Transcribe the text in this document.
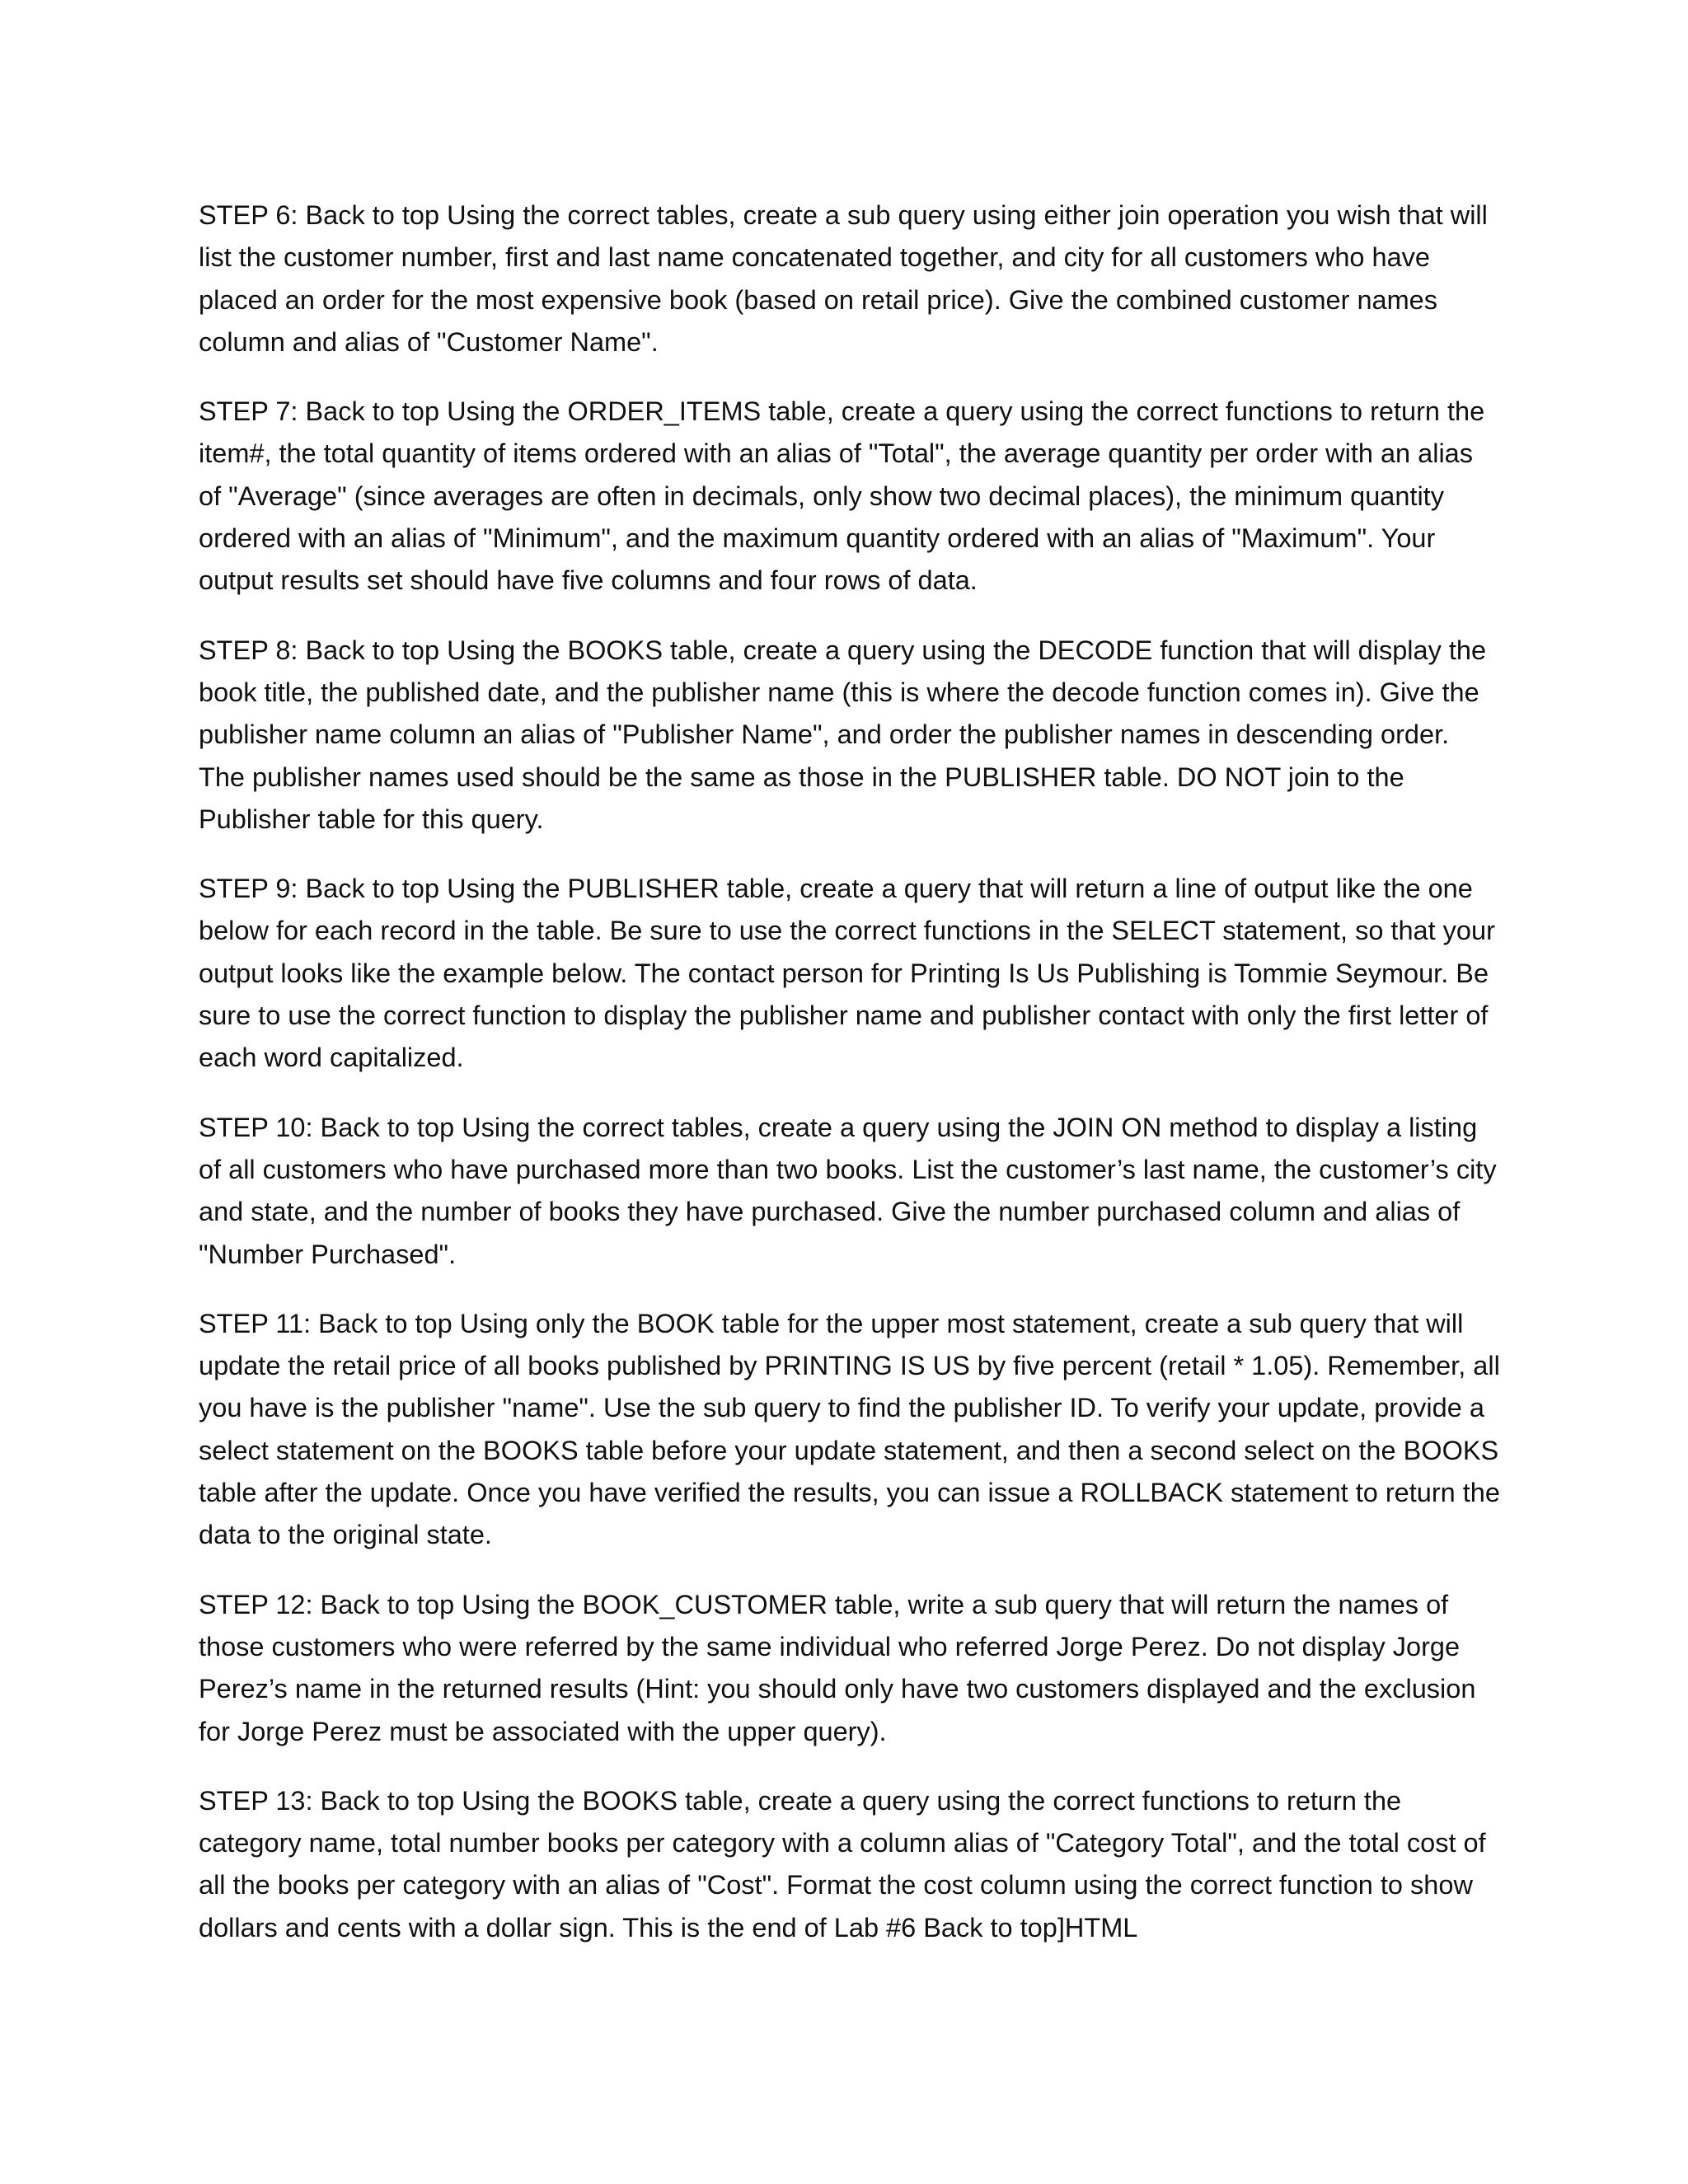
STEP 6: Back to top Using the correct tables, create a sub query using either join operation you wish that will list the customer number, first and last name concatenated together, and city for all customers who have placed an order for the most expensive book (based on retail price). Give the combined customer names column and alias of "Customer Name".

STEP 7: Back to top Using the ORDER_ITEMS table, create a query using the correct functions to return the item#, the total quantity of items ordered with an alias of "Total", the average quantity per order with an alias of "Average" (since averages are often in decimals, only show two decimal places), the minimum quantity ordered with an alias of "Minimum", and the maximum quantity ordered with an alias of "Maximum". Your output results set should have five columns and four rows of data.

STEP 8: Back to top Using the BOOKS table, create a query using the DECODE function that will display the book title, the published date, and the publisher name (this is where the decode function comes in). Give the publisher name column an alias of "Publisher Name", and order the publisher names in descending order. The publisher names used should be the same as those in the PUBLISHER table. DO NOT join to the Publisher table for this query.

STEP 9: Back to top Using the PUBLISHER table, create a query that will return a line of output like the one below for each record in the table. Be sure to use the correct functions in the SELECT statement, so that your output looks like the example below. The contact person for Printing Is Us Publishing is Tommie Seymour. Be sure to use the correct function to display the publisher name and publisher contact with only the first letter of each word capitalized.

STEP 10: Back to top Using the correct tables, create a query using the JOIN ON method to display a listing of all customers who have purchased more than two books. List the customer’s last name, the customer’s city and state, and the number of books they have purchased. Give the number purchased column and alias of "Number Purchased".

STEP 11: Back to top Using only the BOOK table for the upper most statement, create a sub query that will update the retail price of all books published by PRINTING IS US by five percent (retail * 1.05). Remember, all you have is the publisher "name". Use the sub query to find the publisher ID. To verify your update, provide a select statement on the BOOKS table before your update statement, and then a second select on the BOOKS table after the update. Once you have verified the results, you can issue a ROLLBACK statement to return the data to the original state.

STEP 12: Back to top Using the BOOK_CUSTOMER table, write a sub query that will return the names of those customers who were referred by the same individual who referred Jorge Perez. Do not display Jorge Perez’s name in the returned results (Hint: you should only have two customers displayed and the exclusion for Jorge Perez must be associated with the upper query).

STEP 13: Back to top Using the BOOKS table, create a query using the correct functions to return the category name, total number books per category with a column alias of "Category Total", and the total cost of all the books per category with an alias of "Cost". Format the cost column using the correct function to show dollars and cents with a dollar sign. This is the end of Lab #6 Back to top]HTML
